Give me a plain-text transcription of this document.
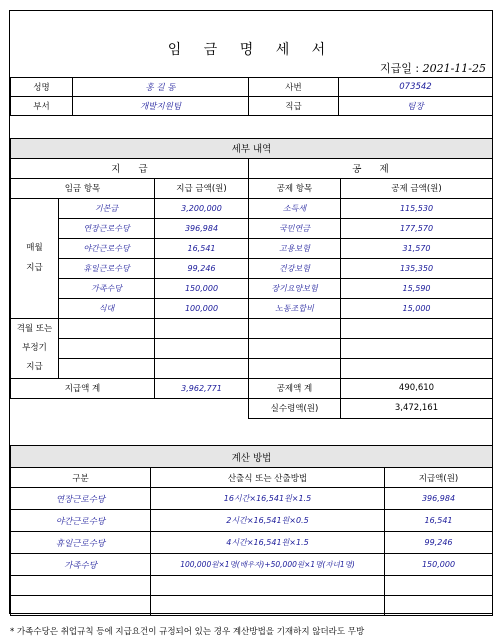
임 금 명 세 서
지급일 : 2021-11-25
성명	홍 길 동	사번	073542
부서	개발지원팀	직급	팀장

세부 내역				
지      급			공      제	
임금 항목		지급 금액(원)	공제 항목	공제 금액(원)

매월
지급	기본급	3,200,000	소득세	115,530
	연장근로수당	396,984	국민연금	177,570
	야간근로수당	16,541	고용보험	31,570
	휴일근로수당	99,246	건강보험	135,350
	가족수당	150,000	장기요양보험	15,590
	식대	100,000	노동조합비	15,000

격월 또는
부정기
지급				

지급액 계		3,962,771	공제액 계	490,610
			실수령액(원)	3,472,161
계산 방법		
구분	산출식 또는 산출방법	지급액(원)
연장근로수당	16시간×16,541원×1.5	396,984
야간근로수당	2시간×16,541원×0.5	16,541
휴일근로수당	4시간×16,541원×1.5	99,246
가족수당	100,000원×1명(배우자)+50,000원×1명(자녀1명)	150,000

* 가족수당은 취업규칙 등에 지급요건이 규정되어 있는 경우 계산방법을 기재하지 않더라도 무방
